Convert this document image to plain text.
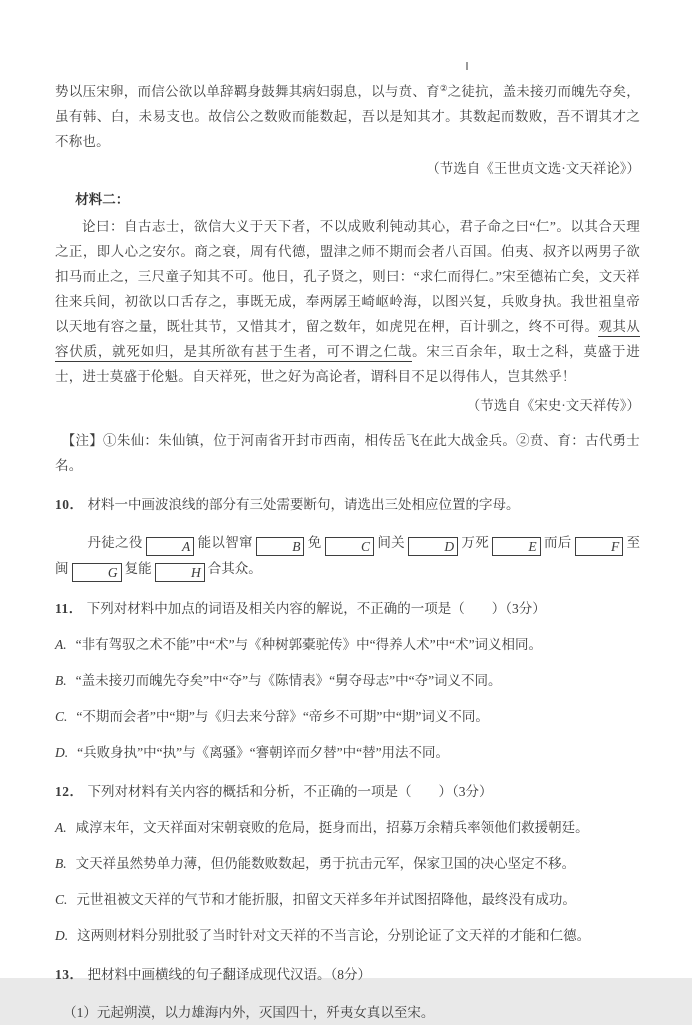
势以压宋卵，而信公欲以单辞羁身鼓舞其病妇弱息，以与贲、育②之徒抗，盖未接刃而魄先夺矣，虽有韩、白，未易支也。故信公之数败而能数起，吾以是知其才。其数起而数败，吾不谓其才之不称也。

（节选自《王世贞文选·文天祥论》）

材料二：

论曰：自古志士，欲信大义于天下者，不以成败利钝动其心，君子命之曰“仁”。以其合天理之正，即人心之安尔。商之衰，周有代德，盟津之师不期而会者八百国。伯夷、叔齐以两男子欲扣马而止之，三尺童子知其不可。他日，孔子贤之，则曰：“求仁而得仁。”宋至德祐亡矣，文天祥往来兵间，初欲以口舌存之，事既无成，奉两孱王崎岖岭海，以图兴复，兵败身执。我世祖皇帝以天地有容之量，既壮其节，又惜其才，留之数年，如虎兕在柙，百计驯之，终不可得。观其从容伏质，就死如归，是其所欲有甚于生者，可不谓之仁哉。宋三百余年，取士之科，莫盛于进士，进士莫盛于伦魁。自天祥死，世之好为高论者，谓科目不足以得伟人，岂其然乎！

（节选自《宋史·文天祥传》）

【注】①朱仙：朱仙镇，位于河南省开封市西南，相传岳飞在此大战金兵。②贲、育：古代勇士名。

10． 材料一中画波浪线的部分有三处需要断句，请选出三处相应位置的字母。

丹徒之役	A 能以智窜	B 免	C 间关	D 万死	E 而后	F 至闽	G 复能	H 合其众。

11． 下列对材料中加点的词语及相关内容的解说，不正确的一项是（　　）（3分）

A. “非有驾驭之术不能”中“术”与《种树郭橐驼传》中“得养人术”中“术”词义相同。

B. “盖未接刃而魄先夺矣”中“夺”与《陈情表》“舅夺母志”中“夺”词义不同。

C. “不期而会者”中“期”与《归去来兮辞》“帝乡不可期”中“期”词义不同。

D. “兵败身执”中“执”与《离骚》“謇朝谇而夕替”中“替”用法不同。

12． 下列对材料有关内容的概括和分析，不正确的一项是（　　）（3分）

A. 咸淳末年，文天祥面对宋朝衰败的危局，挺身而出，招募万余精兵率领他们救援朝廷。

B. 文天祥虽然势单力薄，但仍能数败数起，勇于抗击元军，保家卫国的决心坚定不移。

C. 元世祖被文天祥的气节和才能折服，扣留文天祥多年并试图招降他，最终没有成功。

D. 这两则材料分别批驳了当时针对文天祥的不当言论，分别论证了文天祥的才能和仁德。

13． 把材料中画横线的句子翻译成现代汉语。（8分）

（1）元起朔漠，以力雄海内外，灭国四十，歼夷女真以至宋。
